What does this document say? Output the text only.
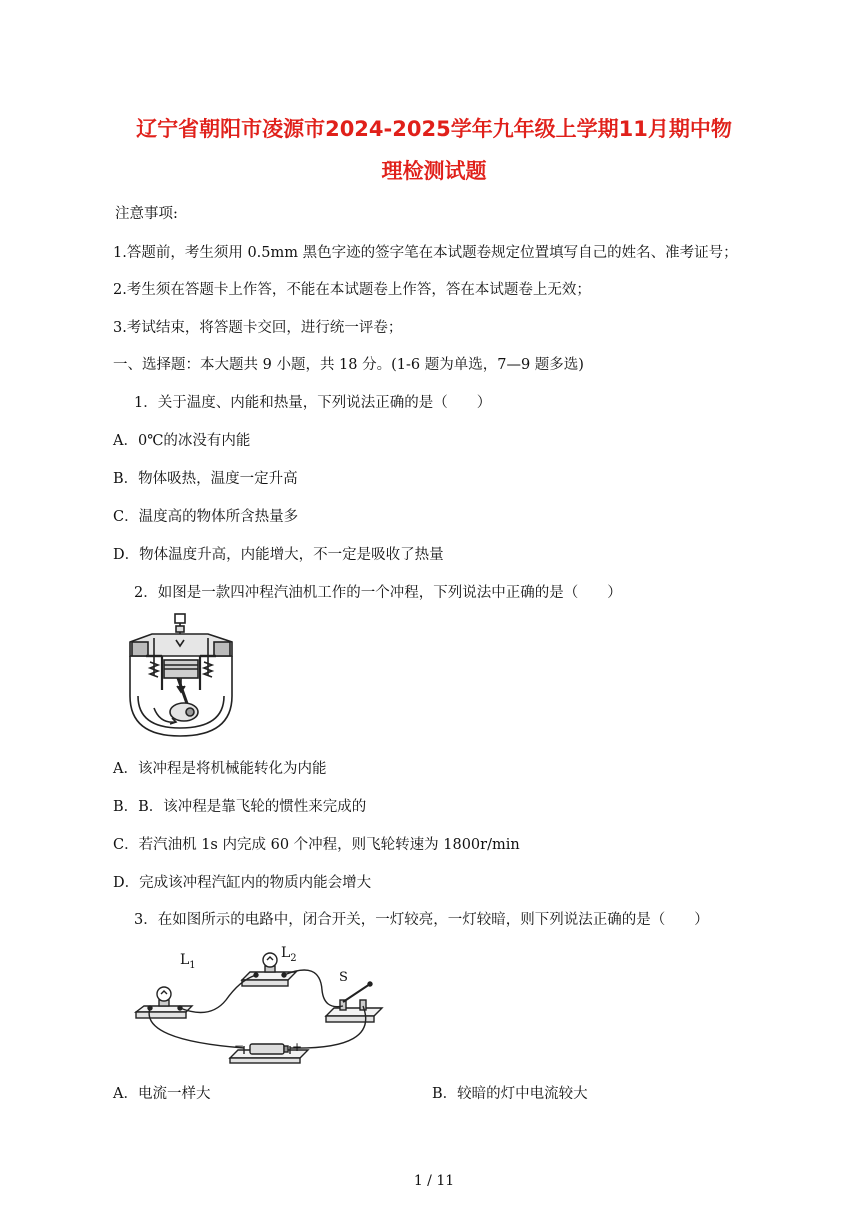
辽宁省朝阳市凌源市2024-2025学年九年级上学期11月期中物
理检测试题
注意事项:
1.答题前，考生须用 0.5mm 黑色字迹的签字笔在本试题卷规定位置填写自己的姓名、准考证号；
2.考生须在答题卡上作答，不能在本试题卷上作答，答在本试题卷上无效；
3.考试结束，将答题卡交回，进行统一评卷；
一、选择题：本大题共 9 小题，共 18 分。(1-6 题为单选，7—9 题多选)
1．关于温度、内能和热量，下列说法正确的是（　　）
A．0℃的冰没有内能
B．物体吸热，温度一定升高
C．温度高的物体所含热量多
D．物体温度升高，内能增大，不一定是吸收了热量
2．如图是一款四冲程汽油机工作的一个冲程，下列说法中正确的是（　　）
A．该冲程是将机械能转化为内能
B．B．该冲程是靠飞轮的惯性来完成的
C．若汽油机 1s 内完成 60 个冲程，则飞轮转速为 1800r/min
D．完成该冲程汽缸内的物质内能会增大
3．在如图所示的电路中，闭合开关，一灯较亮，一灯较暗，则下列说法正确的是（　　）
$L_1$
$L_2$
S
−	+
A．电流一样大	B．较暗的灯中电流较大
1 / 11
